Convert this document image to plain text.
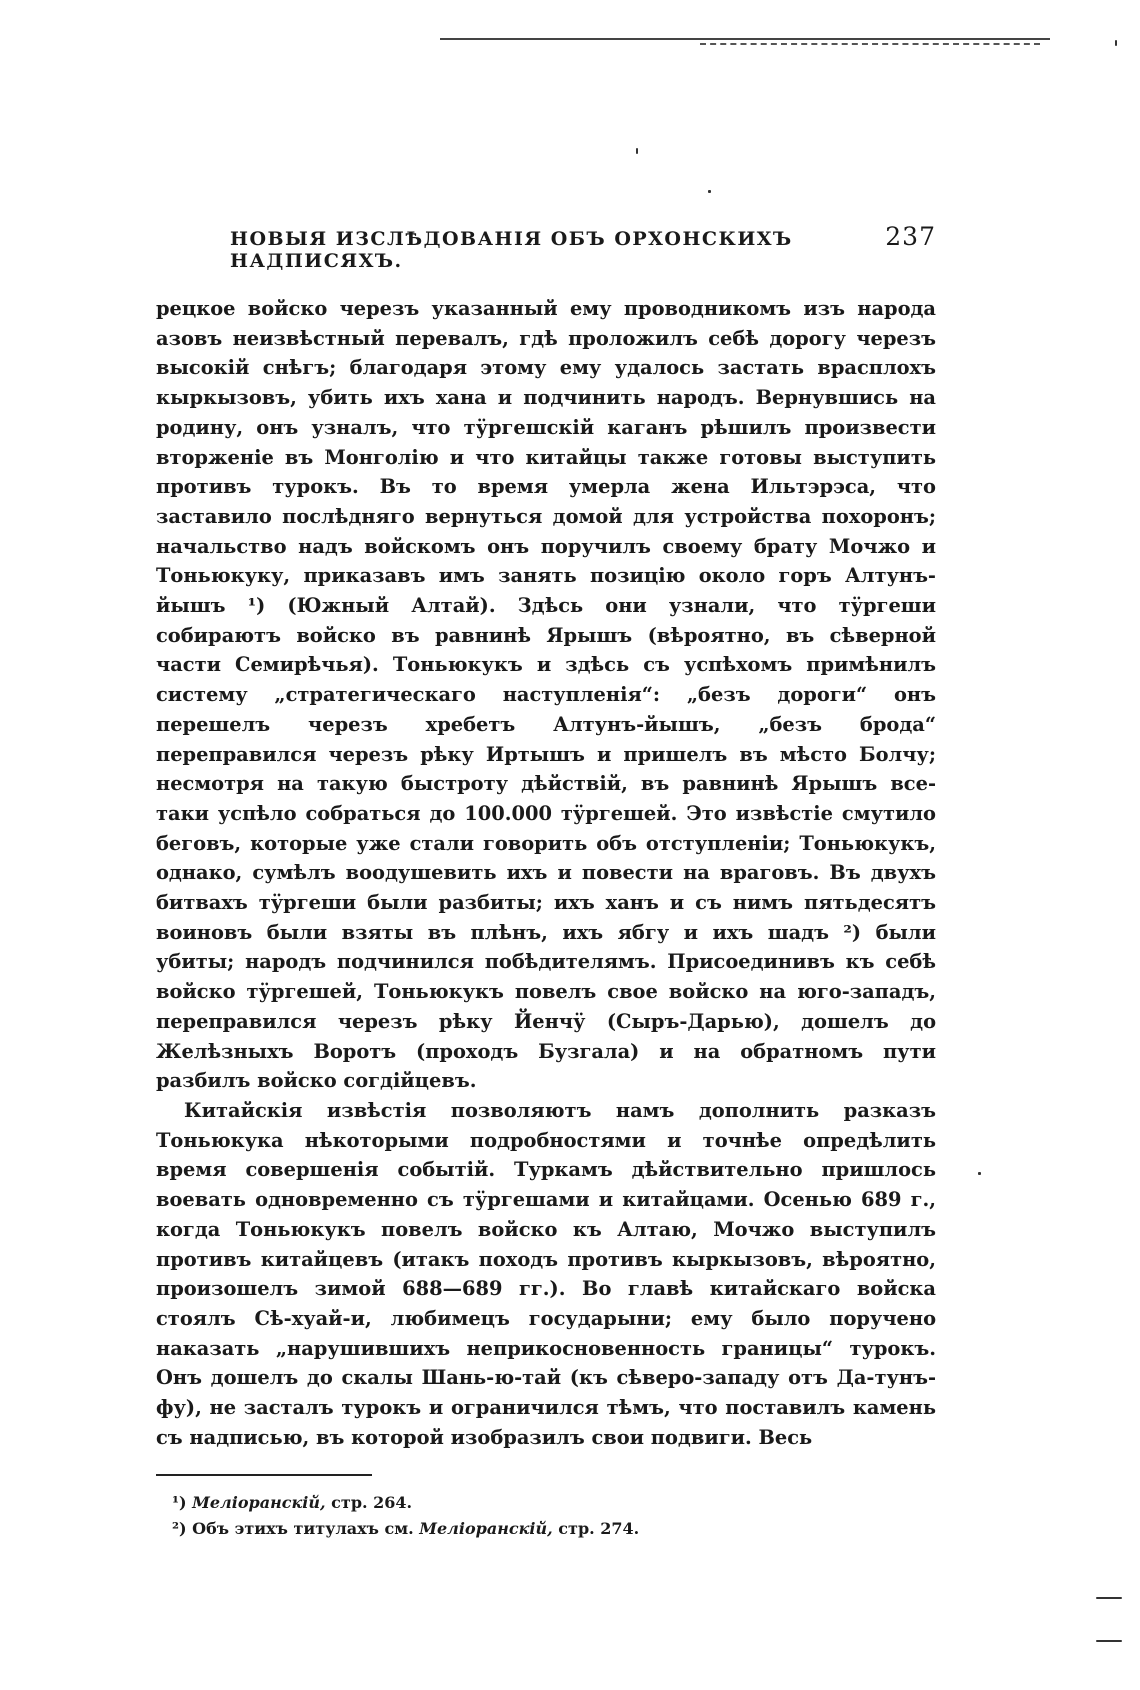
НОВЫЯ ИЗСЛѢДОВАНІЯ ОБЪ ОРХОНСКИХЪ НАДПИСЯХЪ.
237

рецкое войско черезъ указанный ему проводникомъ изъ народа азовъ неизвѣстный перевалъ, гдѣ проложилъ себѣ дорогу черезъ высокій снѣгъ; благодаря этому ему удалось застать врасплохъ кыркызовъ, убить ихъ хана и подчинить народъ. Вернувшись на родину, онъ узналъ, что тӱргешскій каганъ рѣшилъ произвести вторженіе въ Монголію и что китайцы также готовы выступить противъ турокъ. Въ то время умерла жена Ильтэрэса, что заставило послѣдняго вернуться домой для устройства похоронъ; начальство надъ войскомъ онъ поручилъ своему брату Мочжо и Тоньюкуку, приказавъ имъ занять позицію около горъ Алтунъ-йышъ ¹) (Южный Алтай). Здѣсь они узнали, что тӱргеши собираютъ войско въ равнинѣ Ярышъ (вѣроятно, въ сѣверной части Семирѣчья). Тоньюкукъ и здѣсь съ успѣхомъ примѣнилъ систему „стратегическаго наступленія“: „безъ дороги“ онъ перешелъ черезъ хребетъ Алтунъ-йышъ, „безъ брода“ переправился черезъ рѣку Иртышъ и пришелъ въ мѣсто Болчу; несмотря на такую быстроту дѣйствій, въ равнинѣ Ярышъ все-таки успѣло собраться до 100.000 тӱргешей. Это извѣстіе смутило беговъ, которые уже стали говорить объ отступленіи; Тоньюкукъ, однако, сумѣлъ воодушевить ихъ и повести на враговъ. Въ двухъ битвахъ тӱргеши были разбиты; ихъ ханъ и съ нимъ пятьдесятъ воиновъ были взяты въ плѣнъ, ихъ ябгу и ихъ шадъ ²) были убиты; народъ подчинился побѣдителямъ. Присоединивъ къ себѣ войско тӱргешей, Тоньюкукъ повелъ свое войско на юго-западъ, переправился черезъ рѣку Йенчӱ (Сыръ-Дарью), дошелъ до Желѣзныхъ Воротъ (проходъ Бузгала) и на обратномъ пути разбилъ войско согдійцевъ.

Китайскія извѣстія позволяютъ намъ дополнить разказъ Тоньюкука нѣкоторыми подробностями и точнѣе опредѣлить время совершенія событій. Туркамъ дѣйствительно пришлось воевать одновременно съ тӱргешами и китайцами. Осенью 689 г., когда Тоньюкукъ повелъ войско къ Алтаю, Мочжо выступилъ противъ китайцевъ (итакъ походъ противъ кыркызовъ, вѣроятно, произошелъ зимой 688—689 гг.). Во главѣ китайскаго войска стоялъ Сѣ-хуай-и, любимецъ государыни; ему было поручено наказать „нарушившихъ неприкосновенность границы“ турокъ. Онъ дошелъ до скалы Шань-ю-тай (къ сѣверо-западу отъ Да-тунъ-фу), не засталъ турокъ и ограничился тѣмъ, что поставилъ камень съ надписью, въ которой изобразилъ свои подвиги. Весь

¹) Меліоранскій, стр. 264.
²) Объ этихъ титулахъ см. Меліоранскій, стр. 274.
